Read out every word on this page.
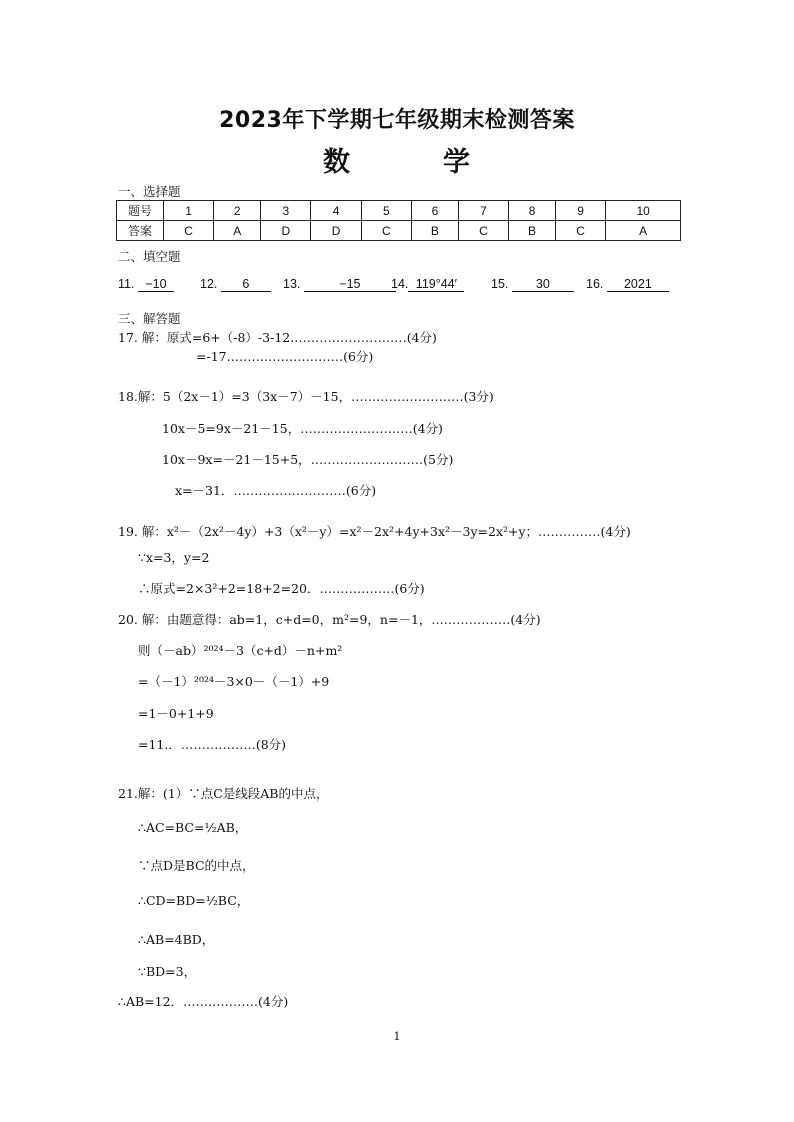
2023年下学期七年级期末检测答案
数	学
一、选择题
题号	1	2	3	4	5	6	7	8	9	10
答案	C	A	D	D	C	B	C	B	C	A
二、填空题
11. −10	12. 6	13.	−15	14. 119°44′	15. 30	16. 2021
三、解答题
17. 解：原式=6+（-8）-3-12.………………………(4分)
=-17.………………………(6分)
18.解：5（2x－1）=3（3x－7）－15，………………………(3分)
10x－5=9x－21－15，………………………(4分)
10x－9x=－21－15+5，………………………(5分)
x=－31．………………………(6分)
19. 解：x²－（2x²－4y）+3（x²－y）=x²－2x²+4y+3x²－3y=2x²+y；……………(4分)
∵x=3，y=2
∴原式=2×3²+2=18+2=20．………………(6分)
20. 解：由题意得：ab=1，c+d=0，m²=9，n=－1，.………………(4分)
则（－ab）²⁰²⁴－3（c+d）－n+m²
=（－1）²⁰²⁴－3×0－（－1）+9
=1－0+1+9
=11.．………………(8分)
21.解：(1）∵点C是线段AB的中点，
∴AC=BC=½AB，
∵点D是BC的中点，
∴CD=BD=½BC，
∴AB=4BD，
∵BD=3，
∴AB=12．………………(4分)
1
